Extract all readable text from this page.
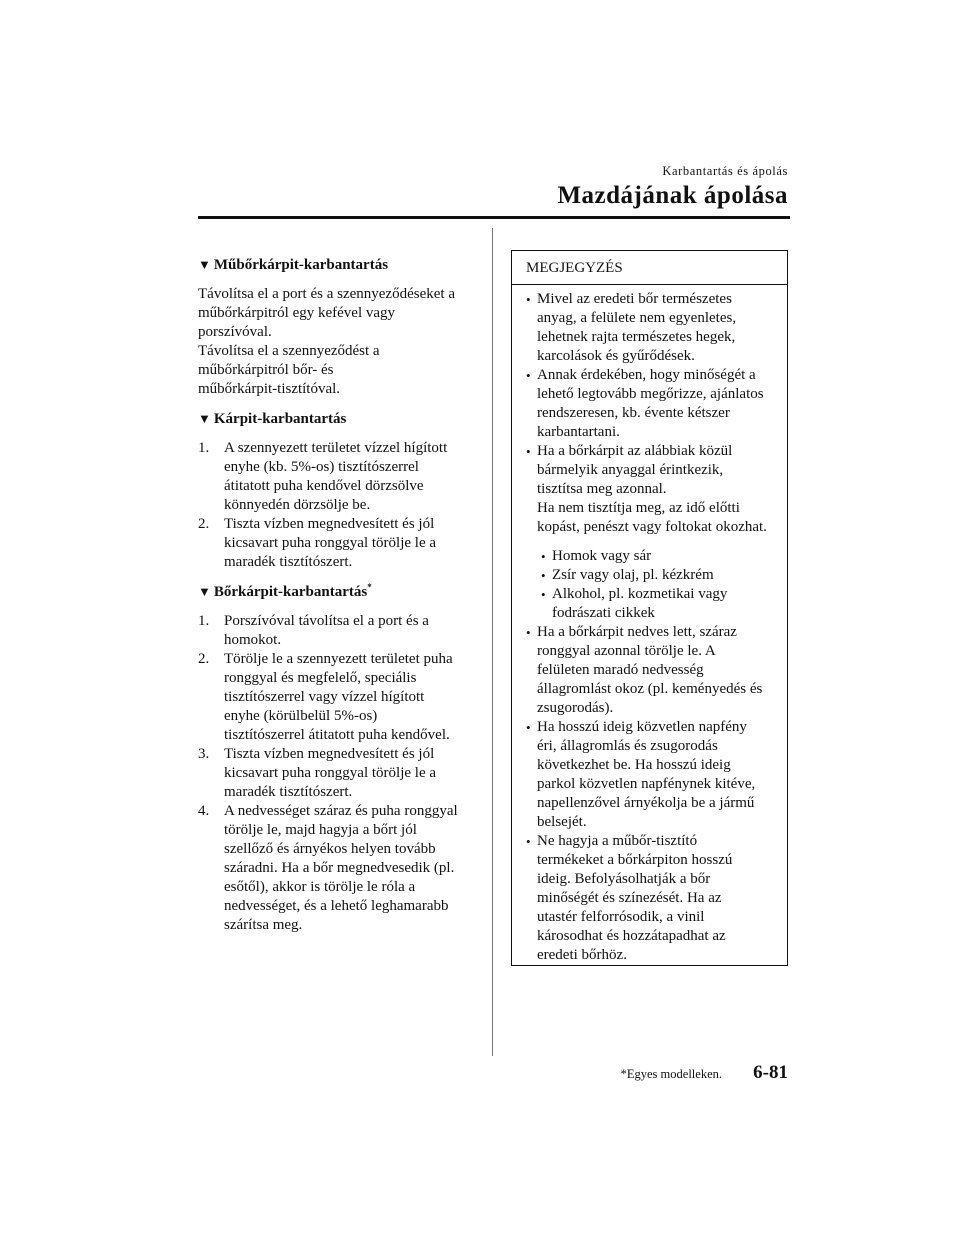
Karbantartás és ápolás
Mazdájának ápolása
▼ Műbőrkárpit-karbantartás
Távolítsa el a port és a szennyeződéseket a
műbőrkárpitról egy kefével vagy
porszívóval.
Távolítsa el a szennyeződést a
műbőrkárpitról bőr- és
műbőrkárpit-tisztítóval.
▼ Kárpit-karbantartás
1. A szennyezett területet vízzel hígított
enyhe (kb. 5%-os) tisztítószerrel
átitatott puha kendővel dörzsölve
könnyedén dörzsölje be.
2. Tiszta vízben megnedvesített és jól
kicsavart puha ronggyal törölje le a
maradék tisztítószert.
▼ Bőrkárpit-karbantartás*
1. Porszívóval távolítsa el a port és a
homokot.
2. Törölje le a szennyezett területet puha
ronggyal és megfelelő, speciális
tisztítószerrel vagy vízzel hígított
enyhe (körülbelül 5%-os)
tisztítószerrel átitatott puha kendővel.
3. Tiszta vízben megnedvesített és jól
kicsavart puha ronggyal törölje le a
maradék tisztítószert.
4. A nedvességet száraz és puha ronggyal
törölje le, majd hagyja a bőrt jól
szellőző és árnyékos helyen tovább
száradni. Ha a bőr megnedvesedik (pl.
esőtől), akkor is törölje le róla a
nedvességet, és a lehető leghamarabb
szárítsa meg.
MEGJEGYZÉS
• Mivel az eredeti bőr természetes
anyag, a felülete nem egyenletes,
lehetnek rajta természetes hegek,
karcolások és gyűrődések.
• Annak érdekében, hogy minőségét a
lehető legtovább megőrizze, ajánlatos
rendszeresen, kb. évente kétszer
karbantartani.
• Ha a bőrkárpit az alábbiak közül
bármelyik anyaggal érintkezik,
tisztítsa meg azonnal.
Ha nem tisztítja meg, az idő előtti
kopást, penészt vagy foltokat okozhat.
• Homok vagy sár
• Zsír vagy olaj, pl. kézkrém
• Alkohol, pl. kozmetikai vagy
fodrászati cikkek
• Ha a bőrkárpit nedves lett, száraz
ronggyal azonnal törölje le. A
felületen maradó nedvesség
állagromlást okoz (pl. keményedés és
zsugorodás).
• Ha hosszú ideig közvetlen napfény
éri, állagromlás és zsugorodás
következhet be. Ha hosszú ideig
parkol közvetlen napfénynek kitéve,
napellenzővel árnyékolja be a jármű
belsejét.
• Ne hagyja a műbőr-tisztító
termékeket a bőrkárpiton hosszú
ideig. Befolyásolhatják a bőr
minőségét és színezését. Ha az
utastér felforrósodik, a vinil
károsodhat és hozzátapadhat az
eredeti bőrhöz.
*Egyes modelleken. 6-81
